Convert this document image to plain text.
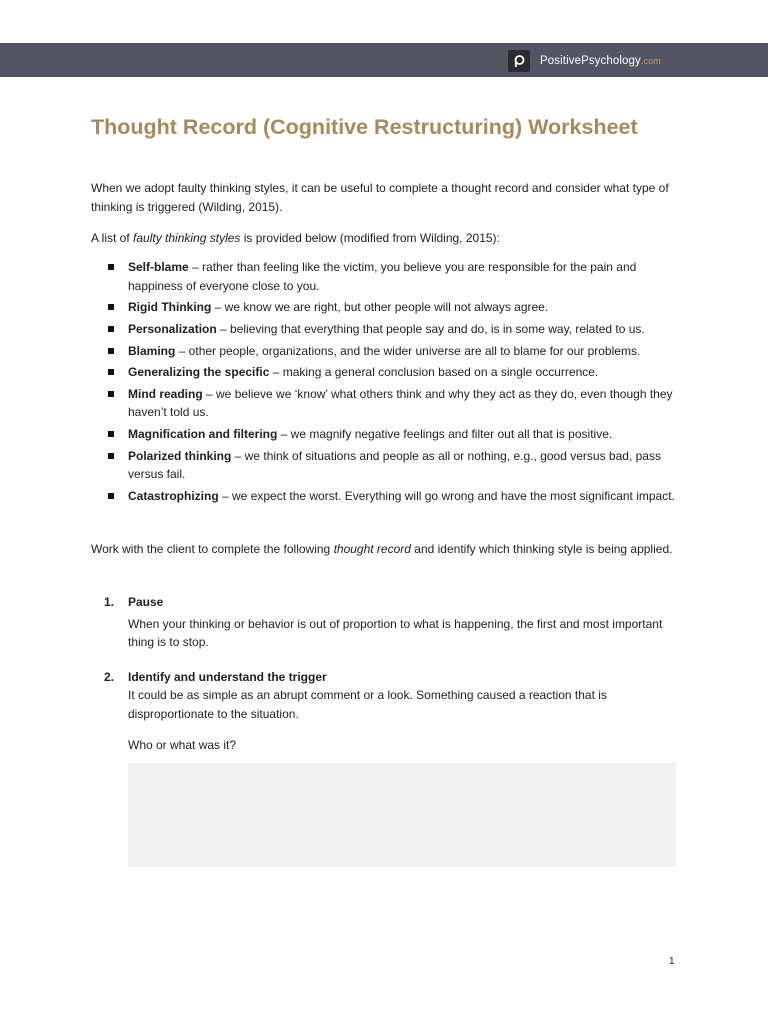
PositivePsychology.com
Thought Record (Cognitive Restructuring) Worksheet

When we adopt faulty thinking styles, it can be useful to complete a thought record and consider what type of thinking is triggered (Wilding, 2015).

A list of faulty thinking styles is provided below (modified from Wilding, 2015):

Self-blame – rather than feeling like the victim, you believe you are responsible for the pain and happiness of everyone close to you.
Rigid Thinking – we know we are right, but other people will not always agree.
Personalization – believing that everything that people say and do, is in some way, related to us.
Blaming – other people, organizations, and the wider universe are all to blame for our problems.
Generalizing the specific – making a general conclusion based on a single occurrence.
Mind reading – we believe we ‘know’ what others think and why they act as they do, even though they haven’t told us.
Magnification and filtering – we magnify negative feelings and filter out all that is positive.
Polarized thinking – we think of situations and people as all or nothing, e.g., good versus bad, pass versus fail.
Catastrophizing – we expect the worst. Everything will go wrong and have the most significant impact.

Work with the client to complete the following thought record and identify which thinking style is being applied.

1. Pause
When your thinking or behavior is out of proportion to what is happening, the first and most important thing is to stop.
2. Identify and understand the trigger
It could be as simple as an abrupt comment or a look. Something caused a reaction that is disproportionate to the situation.
Who or what was it?
1
